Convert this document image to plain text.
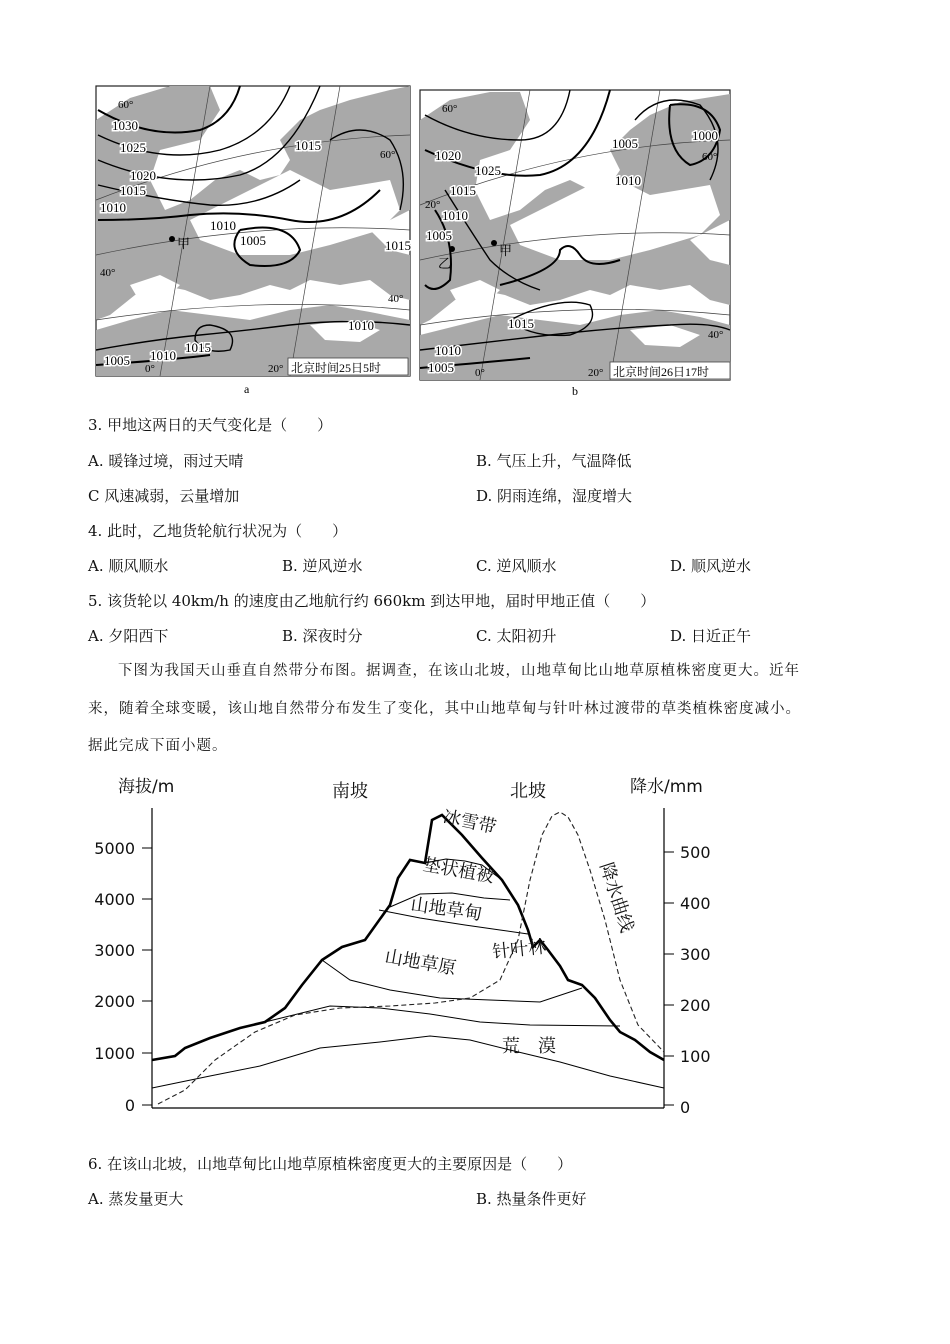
1030
1025
1020
1015
1010
1010
1005
1015
1015
1010
1015
1010
1005
60°
60°
40°
40°
20°
0°
甲
北京时间25日5时
a
1020
1025
1015
1010
1005
1005
1000
1010
1015
1010
1005
60°
60°
20°
20°
40°
0°
乙
甲
北京时间26日17时
b
3. 甲地这两日的天气变化是（　　）
A. 暖锋过境，雨过天晴	B. 气压上升，气温降低
C 风速减弱，云量增加	D. 阴雨连绵，湿度增大
4. 此时，乙地货轮航行状况为（　　）
A. 顺风顺水	B. 逆风逆水	C. 逆风顺水	D. 顺风逆水
5. 该货轮以 40km/h 的速度由乙地航行约 660km 到达甲地，届时甲地正值（　　）
A. 夕阳西下	B. 深夜时分	C. 太阳初升	D. 日近正午
下图为我国天山垂直自然带分布图。据调查，在该山北坡，山地草甸比山地草原植株密度更大。近年
来，随着全球变暖，该山地自然带分布发生了变化，其中山地草甸与针叶林过渡带的草类植株密度减小。
据此完成下面小题。
海拔/m	降水/mm
南坡	北坡
0
1000
2000
3000
4000
5000
0
100
200
300
400
500
冰雪带
垫状植被
山地草甸
山地草原 针叶林
荒　漠
降水曲线
6. 在该山北坡，山地草甸比山地草原植株密度更大的主要原因是（　　）
A. 蒸发量更大	B. 热量条件更好
